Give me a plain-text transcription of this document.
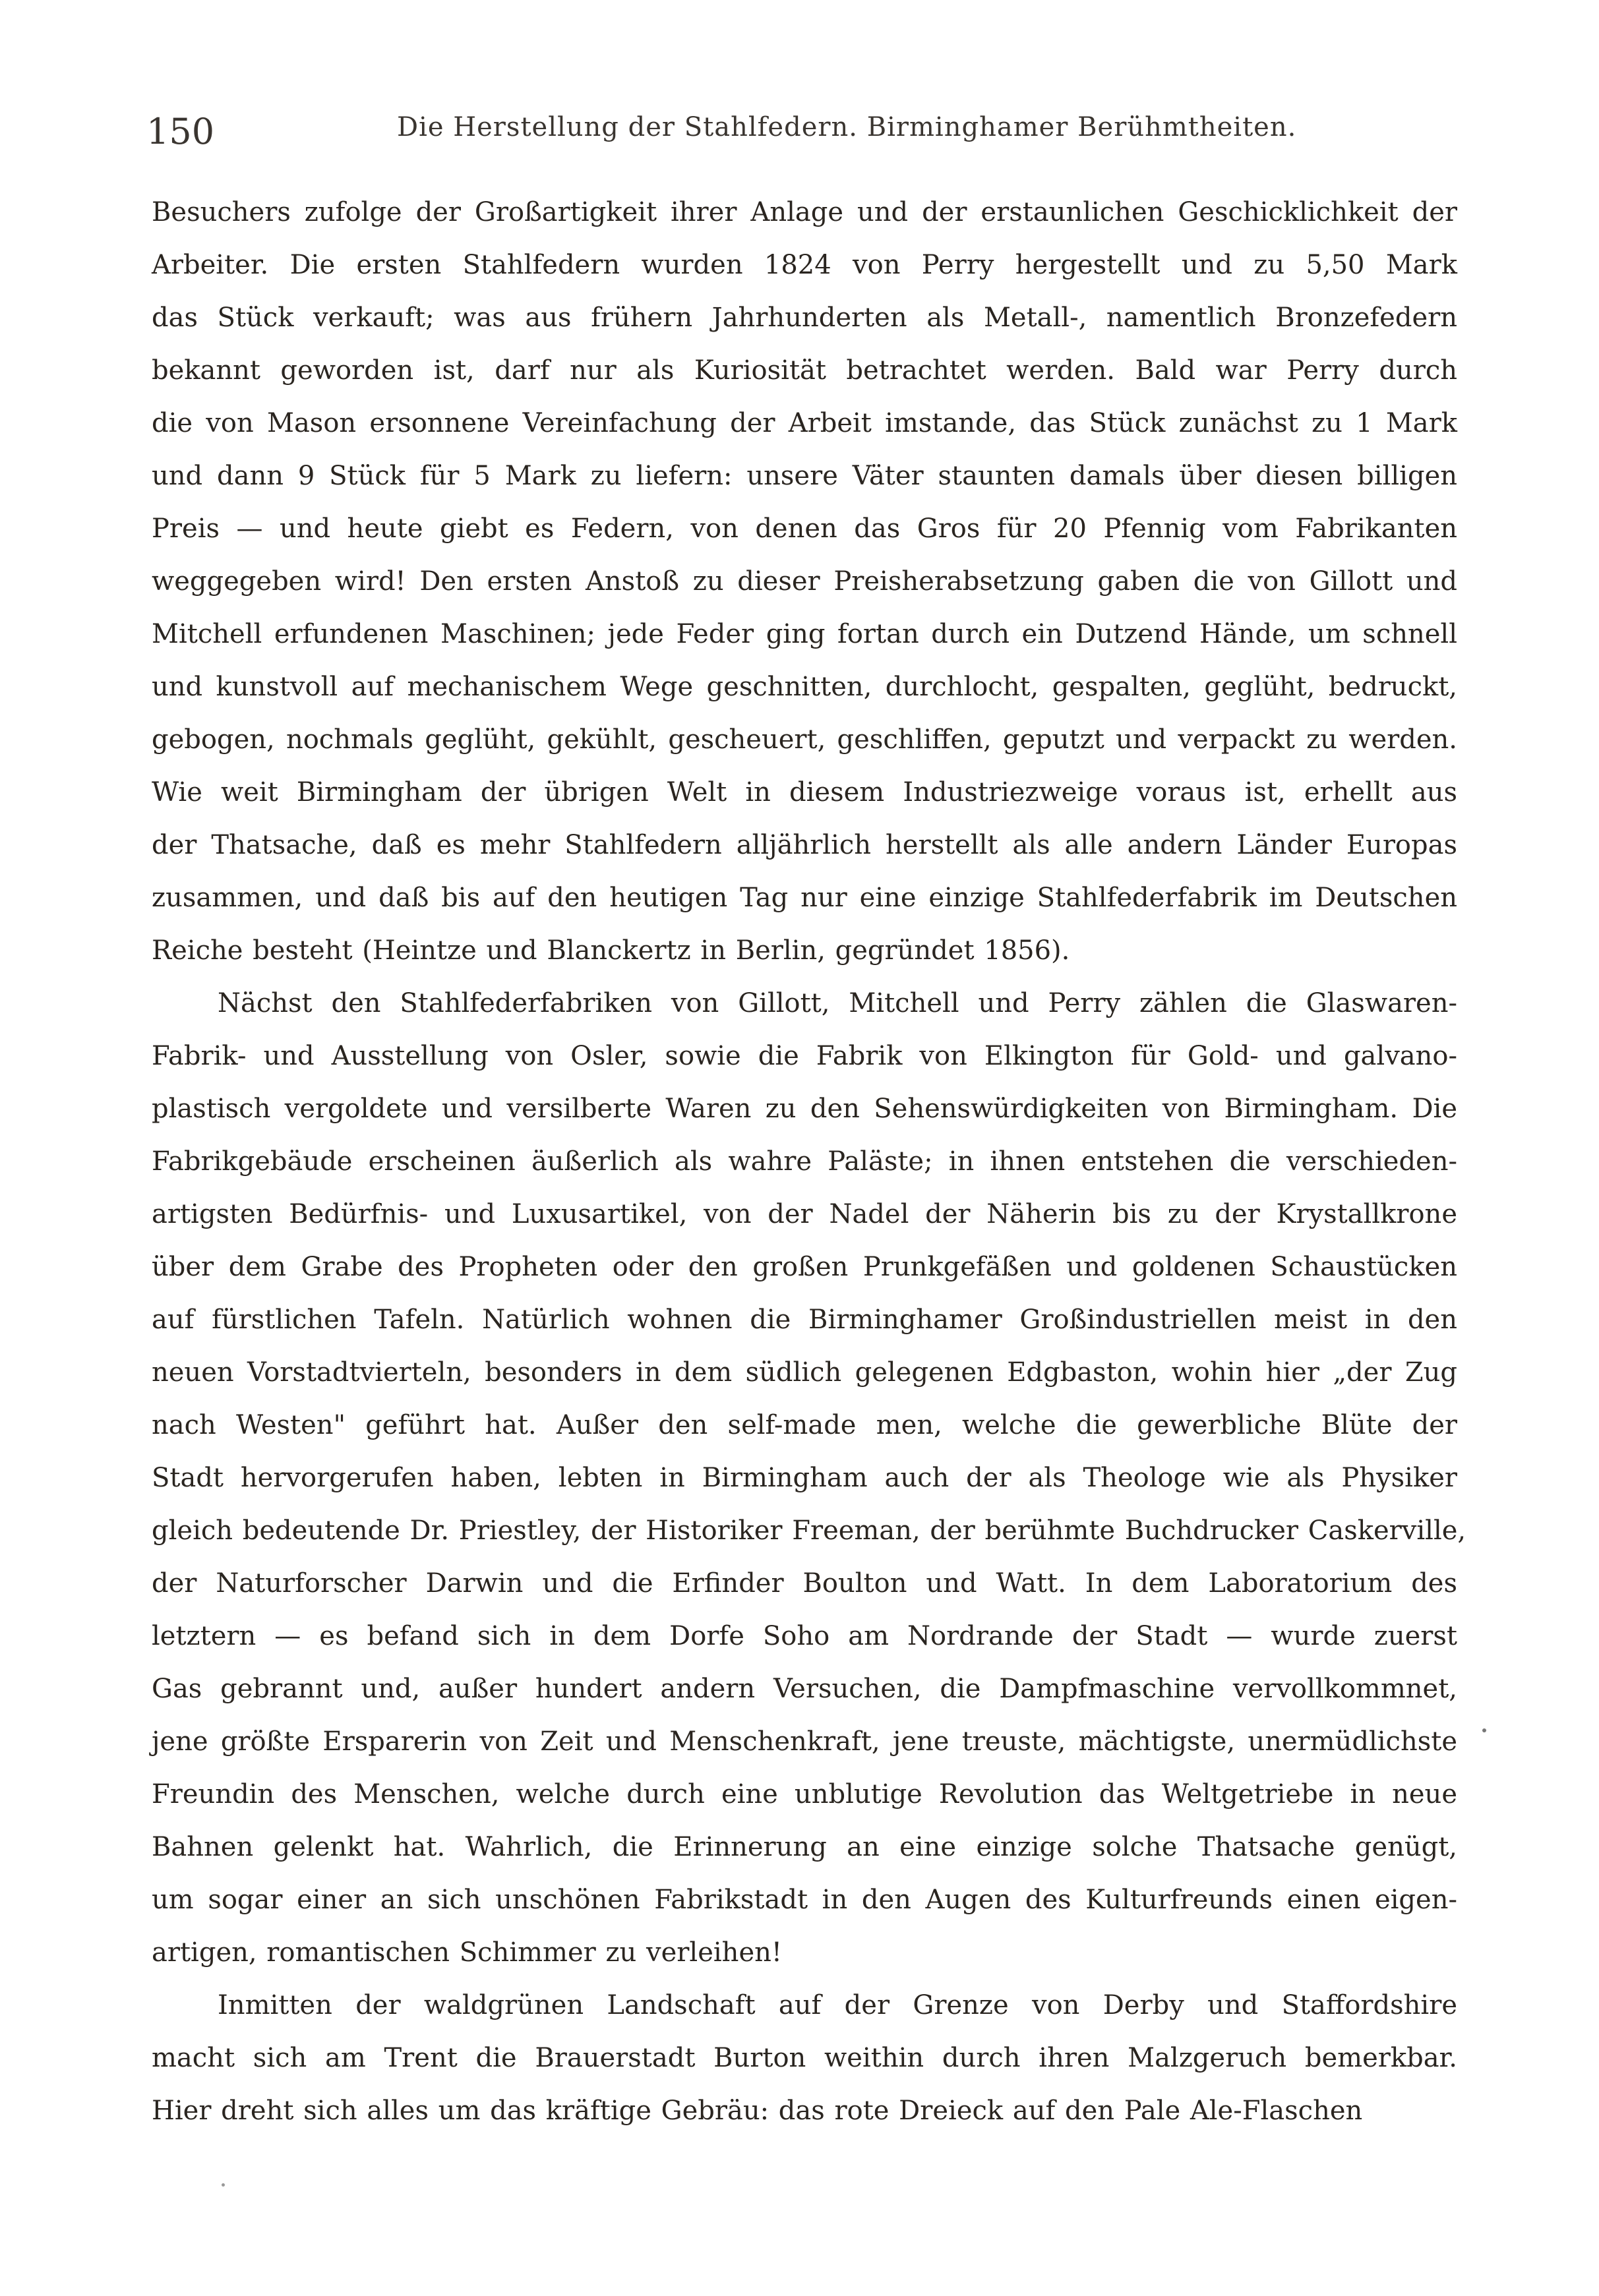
150	Die Herstellung der Stahlfedern. Birminghamer Berühmtheiten.
Besuchers zufolge der Großartigkeit ihrer Anlage und der erstaunlichen Geschicklichkeit der
Arbeiter. Die ersten Stahlfedern wurden 1824 von Perry hergestellt und zu 5,50 Mark
das Stück verkauft; was aus frühern Jahrhunderten als Metall-, namentlich Bronzefedern
bekannt geworden ist, darf nur als Kuriosität betrachtet werden. Bald war Perry durch
die von Mason ersonnene Vereinfachung der Arbeit imstande, das Stück zunächst zu 1 Mark
und dann 9 Stück für 5 Mark zu liefern: unsere Väter staunten damals über diesen billigen
Preis — und heute giebt es Federn, von denen das Gros für 20 Pfennig vom Fabrikanten
weggegeben wird! Den ersten Anstoß zu dieser Preisherabsetzung gaben die von Gillott und
Mitchell erfundenen Maschinen; jede Feder ging fortan durch ein Dutzend Hände, um schnell
und kunstvoll auf mechanischem Wege geschnitten, durchlocht, gespalten, geglüht, bedruckt,
gebogen, nochmals geglüht, gekühlt, gescheuert, geschliffen, geputzt und verpackt zu werden.
Wie weit Birmingham der übrigen Welt in diesem Industriezweige voraus ist, erhellt aus
der Thatsache, daß es mehr Stahlfedern alljährlich herstellt als alle andern Länder Europas
zusammen, und daß bis auf den heutigen Tag nur eine einzige Stahlfederfabrik im Deutschen
Reiche besteht (Heintze und Blanckertz in Berlin, gegründet 1856).
Nächst den Stahlfederfabriken von Gillott, Mitchell und Perry zählen die Glaswaren-
Fabrik- und Ausstellung von Osler, sowie die Fabrik von Elkington für Gold- und galvano-
plastisch vergoldete und versilberte Waren zu den Sehenswürdigkeiten von Birmingham. Die
Fabrikgebäude erscheinen äußerlich als wahre Paläste; in ihnen entstehen die verschieden-
artigsten Bedürfnis- und Luxusartikel, von der Nadel der Näherin bis zu der Krystallkrone
über dem Grabe des Propheten oder den großen Prunkgefäßen und goldenen Schaustücken
auf fürstlichen Tafeln. Natürlich wohnen die Birminghamer Großindustriellen meist in den
neuen Vorstadtvierteln, besonders in dem südlich gelegenen Edgbaston, wohin hier „der Zug
nach Westen" geführt hat. Außer den self-made men, welche die gewerbliche Blüte der
Stadt hervorgerufen haben, lebten in Birmingham auch der als Theologe wie als Physiker
gleich bedeutende Dr. Priestley, der Historiker Freeman, der berühmte Buchdrucker Caskerville,
der Naturforscher Darwin und die Erfinder Boulton und Watt. In dem Laboratorium des
letztern — es befand sich in dem Dorfe Soho am Nordrande der Stadt — wurde zuerst
Gas gebrannt und, außer hundert andern Versuchen, die Dampfmaschine vervollkommnet,
jene größte Ersparerin von Zeit und Menschenkraft, jene treuste, mächtigste, unermüdlichste
Freundin des Menschen, welche durch eine unblutige Revolution das Weltgetriebe in neue
Bahnen gelenkt hat. Wahrlich, die Erinnerung an eine einzige solche Thatsache genügt,
um sogar einer an sich unschönen Fabrikstadt in den Augen des Kulturfreunds einen eigen-
artigen, romantischen Schimmer zu verleihen!
Inmitten der waldgrünen Landschaft auf der Grenze von Derby und Staffordshire
macht sich am Trent die Brauerstadt Burton weithin durch ihren Malzgeruch bemerkbar.
Hier dreht sich alles um das kräftige Gebräu: das rote Dreieck auf den Pale Ale-Flaschen
